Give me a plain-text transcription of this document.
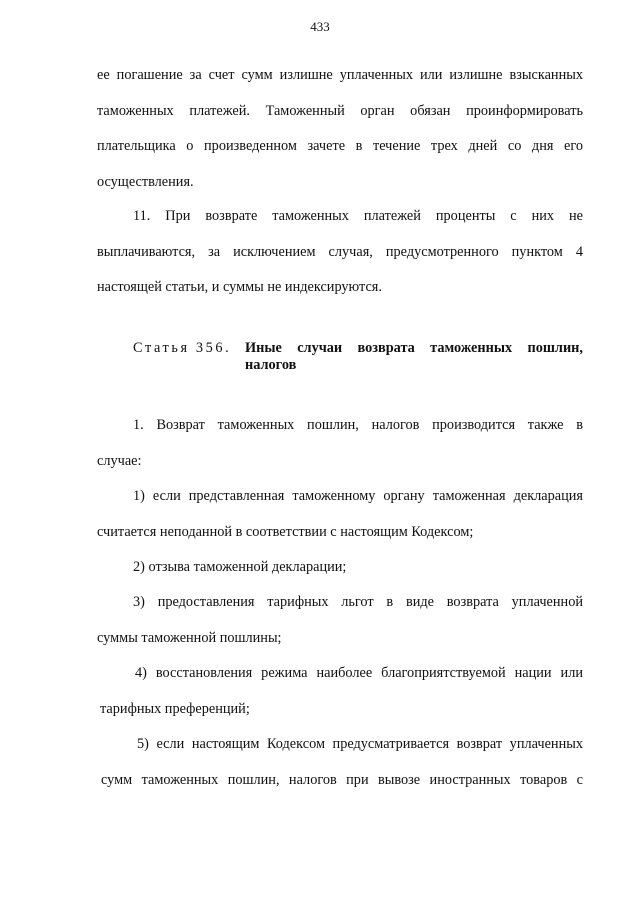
433
ее погашение за счет сумм излишне уплаченных или излишне взысканных
таможенных платежей. Таможенный орган обязан проинформировать
плательщика о произведенном зачете в течение трех дней со дня его
осуществления.
11. При возврате таможенных платежей проценты с них не
выплачиваются, за исключением случая, предусмотренного пунктом 4
настоящей статьи, и суммы не индексируются.
Статья 356. Иные случаи возврата таможенных пошлин,
налогов
1. Возврат таможенных пошлин, налогов производится также в
случае:
1) если представленная таможенному органу таможенная декларация
считается неподанной в соответствии с настоящим Кодексом;
2) отзыва таможенной декларации;
3) предоставления тарифных льгот в виде возврата уплаченной
суммы таможенной пошлины;
4) восстановления режима наиболее благоприятствуемой нации или
тарифных преференций;
5) если настоящим Кодексом предусматривается возврат уплаченных
сумм таможенных пошлин, налогов при вывозе иностранных товаров с
